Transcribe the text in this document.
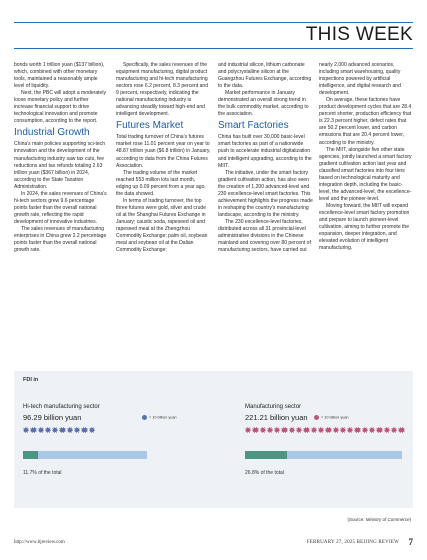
THIS WEEK

bonds worth 1 trillion yuan ($137 billion), which, combined with other monetary tools, maintained a reasonably ample level of liquidity.

Next, the PBC will adopt a moderately loose monetary policy and further increase financial support to drive technological innovation and promote consumption, according to the report.

Industrial Growth

China's main policies supporting sci-tech innovation and the development of the manufacturing industry saw tax cuts, fee reductions and tax refunds totaling 2.63 trillion yuan ($367 billion) in 2024, according to the State Taxation Administration.

In 2024, the sales revenues of China's hi-tech sectors grew 9.6 percentage points faster than the overall national growth rate, reflecting the rapid development of innovative industries.

The sales revenues of manufacturing enterprises in China grew 2.2 percentage points faster than the overall national growth rate.

Specifically, the sales revenues of the equipment manufacturing, digital product manufacturing and hi-tech manufacturing sectors rose 6.2 percent, 8.3 percent and 9 percent, respectively, indicating the national manufacturing industry is advancing steadily toward high-end and intelligent development.

Futures Market

Total trading turnover of China's futures market rose 11.01 percent year on year to 48.87 trillion yuan ($6.8 trillion) in January, according to data from the China Futures Association.

The trading volume of the market reached 553 million lots last month, edging up 0.09 percent from a year ago, the data showed.

In terms of trading turnover, the top three futures were gold, silver and crude oil at the Shanghai Futures Exchange in January; caustic soda, rapeseed oil and rapeseed meal at the Zhengzhou Commodity Exchange; palm oil, soybean meal and soybean oil at the Dalian Commodity Exchange;

and industrial silicon, lithium carbonate and polycrystalline silicon at the Guangzhou Futures Exchange, according to the data.

Market performance in January demonstrated an overall strong trend in the bulk commodity market, according to the association.

Smart Factories

China has built over 30,000 basic-level smart factories as part of a nationwide push to accelerate industrial digitalization and intelligent upgrading, according to the MIIT.

The initiative, under the smart factory gradient cultivation action, has also seen the creation of 1,200 advanced-level and 230 excellence-level smart factories. This achievement highlights the progress made in reshaping the country's manufacturing landscape, according to the ministry.

The 230 excellence-level factories, distributed across all 31 provincial-level administrative divisions in the Chinese mainland and covering over 80 percent of manufacturing sectors, have carried out

nearly 2,000 advanced scenarios, including smart warehousing, quality inspections powered by artificial intelligence, and digital research and development.

On average, these factories have product development cycles that are 28.4 percent shorter, production efficiency that is 22.3 percent higher, defect rates that are 50.2 percent lower, and carbon emissions that are 20.4 percent lower, according to the ministry.

The MIIT, alongside five other state agencies, jointly launched a smart factory gradient cultivation action last year and classified smart factories into four tiers based on technological maturity and integration depth, including the basic-level, the advanced-level, the excellence-level and the pioneer-level.

Moving forward, the MIIT will expand excellence-level smart factory promotion and prepare to launch pioneer-level cultivation, aiming to further promote the expansion, deeper integration, and elevated evolution of intelligent manufacturing.

FDI in
Hi-tech manufacturing sector
96.29 billion yuan	= 10 billion yuan
11.7% of the total
Manufacturing sector
221.21 billion yuan	= 10 billion yuan
26.8% of the total
(Source: Ministry of Commerce)
http://www.bjreview.com	FEBRUARY 27, 2025 BEIJING REVIEW 7
